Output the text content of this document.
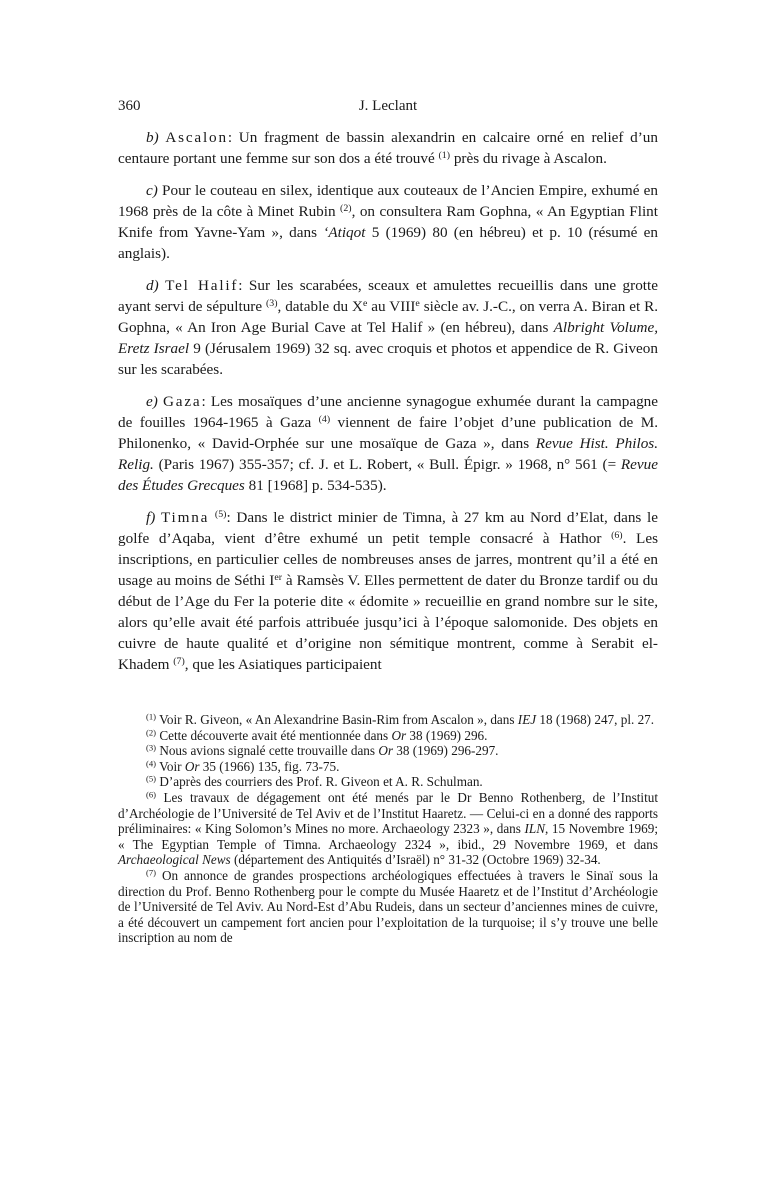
360	J. Leclant

b) Ascalon: Un fragment de bassin alexandrin en calcaire orné en relief d’un centaure portant une femme sur son dos a été trouvé $^{(1)}$ près du rivage à Ascalon.

c) Pour le couteau en silex, identique aux couteaux de l’Ancien Empire, exhumé en 1968 près de la côte à Minet Rubin $^{(2)}$, on consultera Ram Gophna, « An Egyptian Flint Knife from Yavne-Yam », dans ‘Atiqot 5 (1969) 80 (en hébreu) et p. 10 (résumé en anglais).

d) Tel Halif: Sur les scarabées, sceaux et amulettes recueillis dans une grotte ayant servi de sépulture $^{(3)}$, datable du Xe au VIIIe siècle av. J.-C., on verra A. Biran et R. Gophna, « An Iron Age Burial Cave at Tel Halif » (en hébreu), dans Albright Volume, Eretz Israel 9 (Jérusalem 1969) 32 sq. avec croquis et photos et appendice de R. Giveon sur les scarabées.

e) Gaza: Les mosaïques d’une ancienne synagogue exhumée durant la campagne de fouilles 1964-1965 à Gaza $^{(4)}$ viennent de faire l’objet d’une publication de M. Philonenko, « David-Orphée sur une mosaïque de Gaza », dans Revue Hist. Philos. Relig. (Paris 1967) 355-357; cf. J. et L. Robert, « Bull. Épigr. » 1968, n° 561 (= Revue des Études Grecques 81 [1968] p. 534-535).

f) Timna $^{(5)}$: Dans le district minier de Timna, à 27 km au Nord d’Elat, dans le golfe d’Aqaba, vient d’être exhumé un petit temple consacré à Hathor $^{(6)}$. Les inscriptions, en particulier celles de nombreuses anses de jarres, montrent qu’il a été en usage au moins de Séthi Ier à Ramsès V. Elles permettent de dater du Bronze tardif ou du début de l’Age du Fer la poterie dite « édomite » recueillie en grand nombre sur le site, alors qu’elle avait été parfois attribuée jusqu’ici à l’époque salomonide. Des objets en cuivre de haute qualité et d’origine non sémitique montrent, comme à Serabit el-Khadem $^{(7)}$, que les Asiatiques participaient

$^{(1)}$ Voir R. Giveon, « An Alexandrine Basin-Rim from Ascalon », dans IEJ 18 (1968) 247, pl. 27.

$^{(2)}$ Cette découverte avait été mentionnée dans Or 38 (1969) 296.

$^{(3)}$ Nous avions signalé cette trouvaille dans Or 38 (1969) 296-297.

$^{(4)}$ Voir Or 35 (1966) 135, fig. 73-75.

$^{(5)}$ D’après des courriers des Prof. R. Giveon et A. R. Schulman.

$^{(6)}$ Les travaux de dégagement ont été menés par le Dr Benno Rothenberg, de l’Institut d’Archéologie de l’Université de Tel Aviv et de l’Institut Haaretz. — Celui-ci en a donné des rapports préliminaires: « King Solomon’s Mines no more. Archaeology 2323 », dans ILN, 15 Novembre 1969; « The Egyptian Temple of Timna. Archaeology 2324 », ibid., 29 Novembre 1969, et dans Archaeological News (département des Antiquités d’Israël) n° 31-32 (Octobre 1969) 32-34.

$^{(7)}$ On annonce de grandes prospections archéologiques effectuées à travers le Sinaï sous la direction du Prof. Benno Rothenberg pour le compte du Musée Haaretz et de l’Institut d’Archéologie de l’Université de Tel Aviv. Au Nord-Est d’Abu Rudeis, dans un secteur d’anciennes mines de cuivre, a été découvert un campement fort ancien pour l’exploitation de la turquoise; il s’y trouve une belle inscription au nom de
